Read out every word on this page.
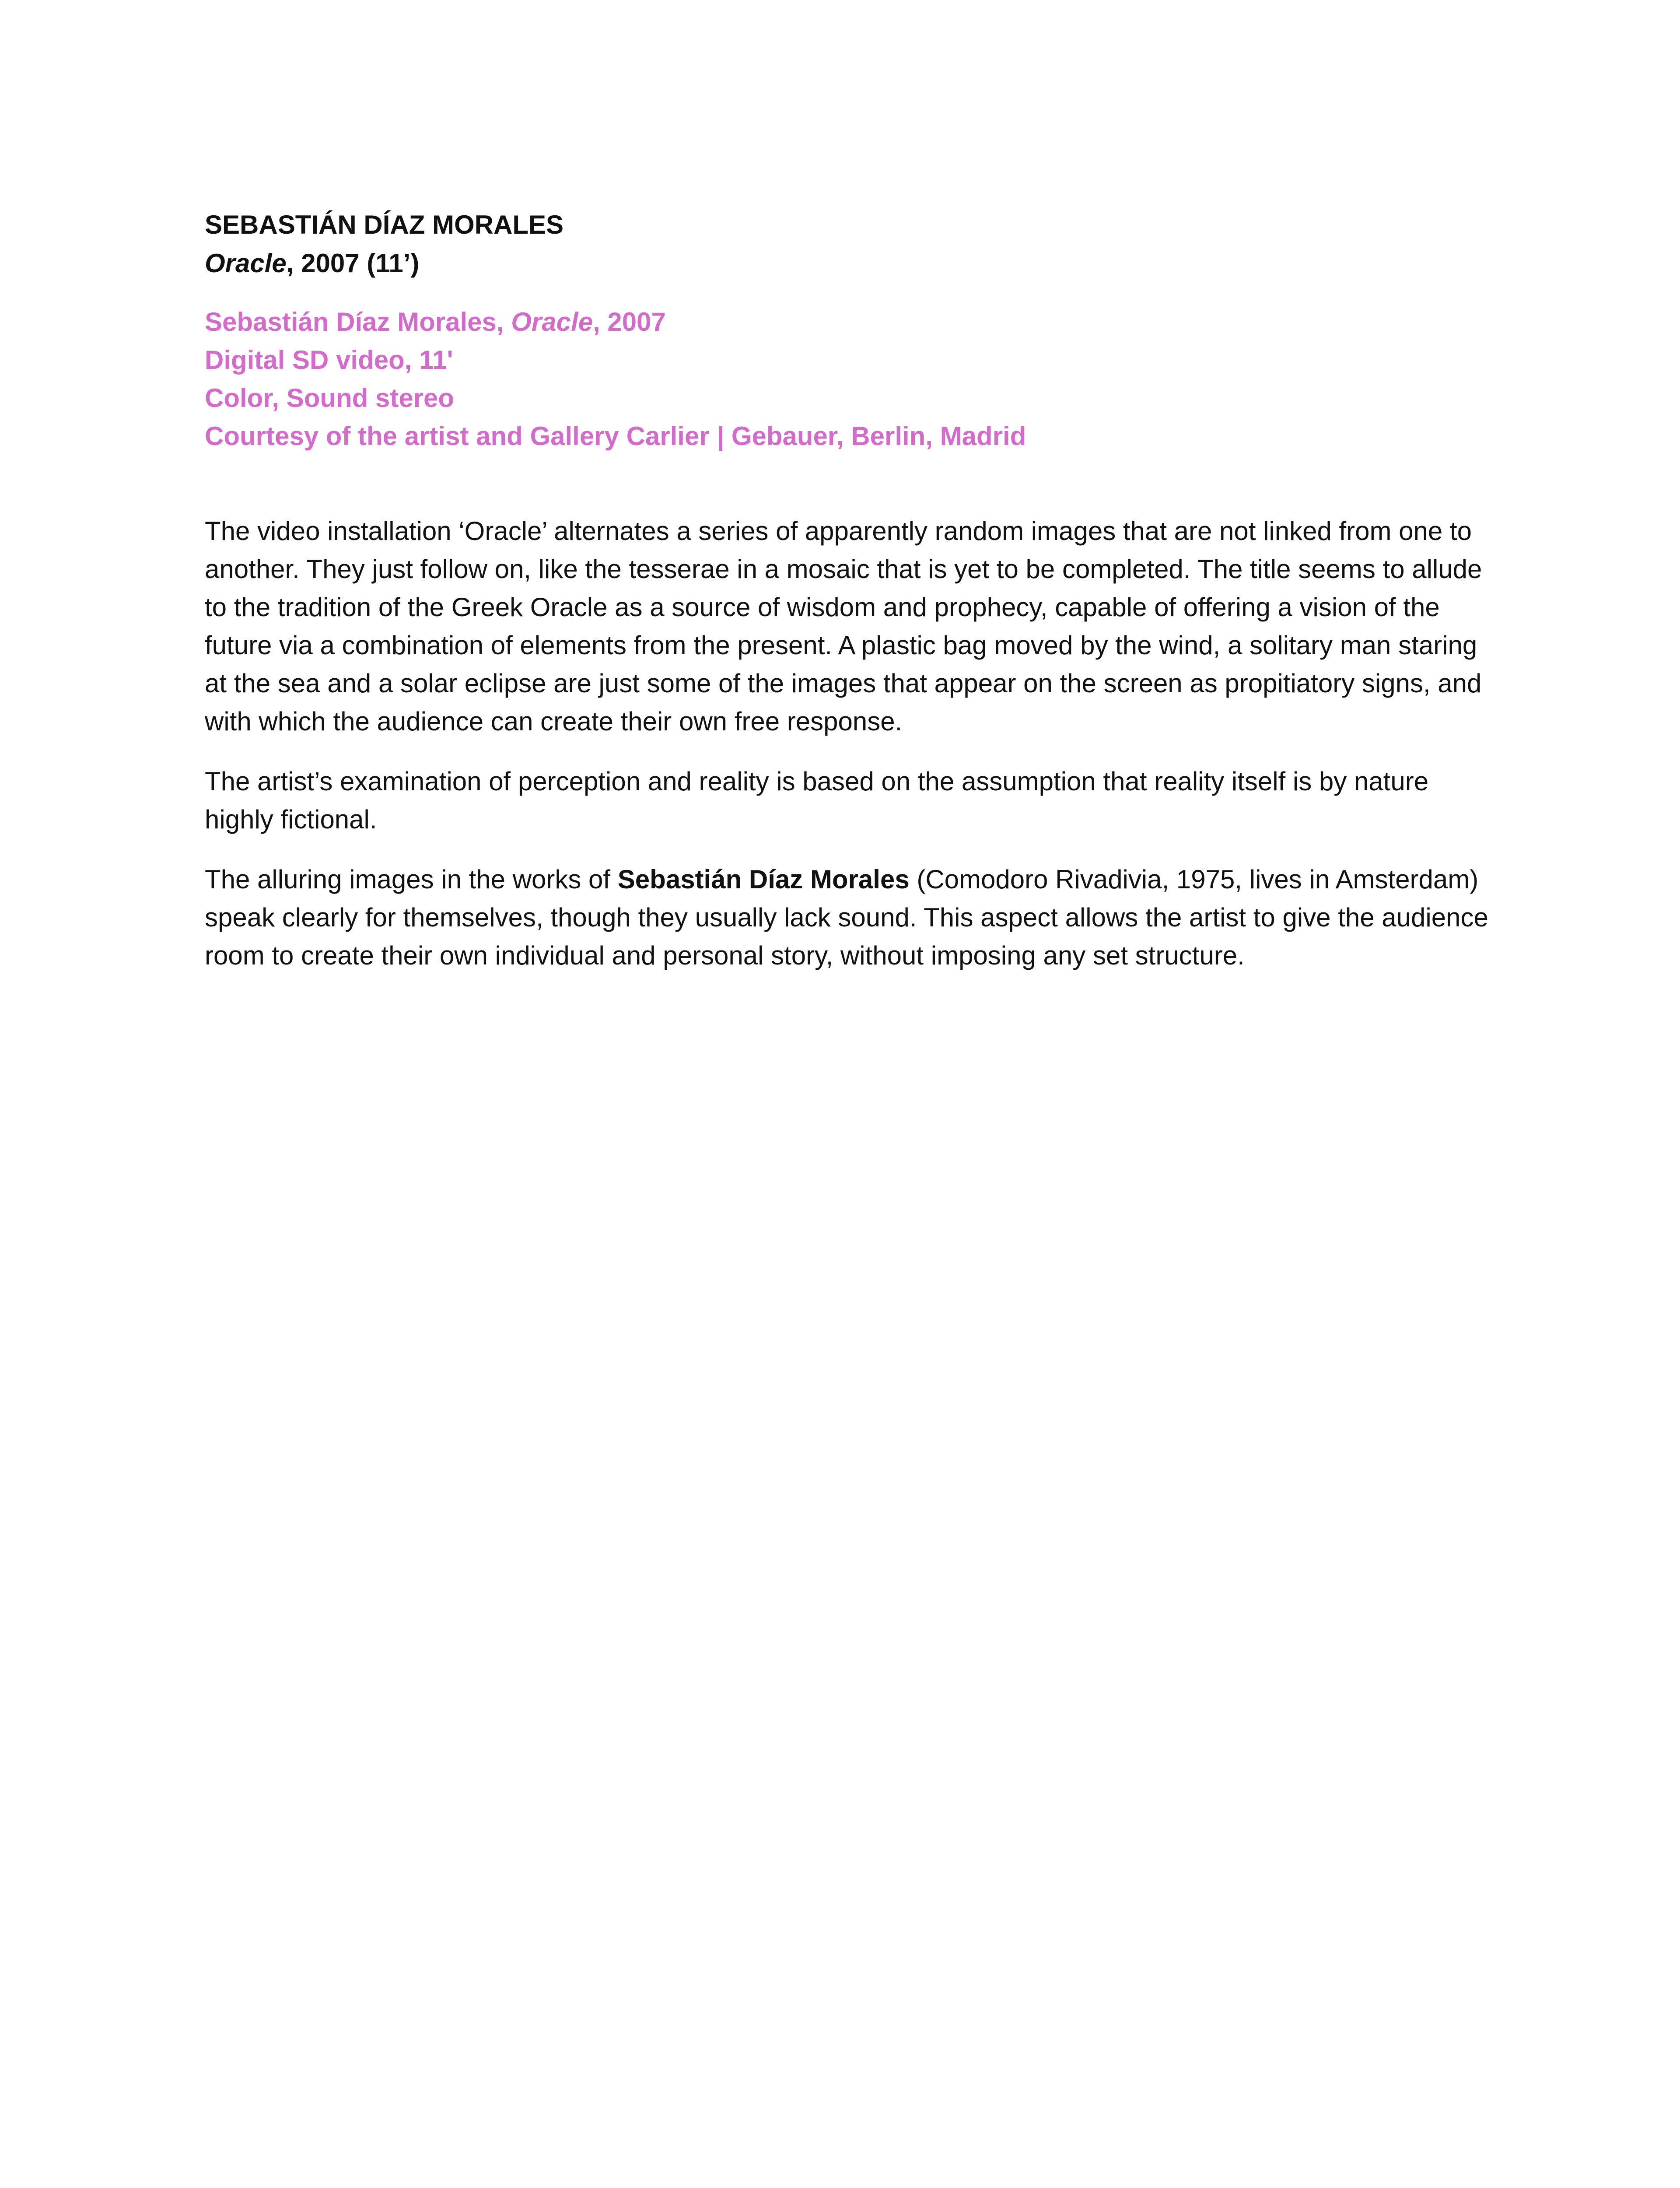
SEBASTIÁN DÍAZ MORALES
Oracle, 2007 (11’)
Sebastián Díaz Morales, Oracle, 2007
Digital SD video, 11'
Color, Sound stereo
Courtesy of the artist and Gallery Carlier | Gebauer, Berlin, Madrid

The video installation ‘Oracle’ alternates a series of apparently random images that are not linked from one to another. They just follow on, like the tesserae in a mosaic that is yet to be completed. The title seems to allude to the tradition of the Greek Oracle as a source of wisdom and prophecy, capable of offering a vision of the future via a combination of elements from the present. A plastic bag moved by the wind, a solitary man staring at the sea and a solar eclipse are just some of the images that appear on the screen as propitiatory signs, and with which the audience can create their own free response.

The artist’s examination of perception and reality is based on the assumption that reality itself is by nature highly fictional.

The alluring images in the works of Sebastián Díaz Morales (Comodoro Rivadivia, 1975, lives in Amsterdam) speak clearly for themselves, though they usually lack sound. This aspect allows the artist to give the audience room to create their own individual and personal story, without imposing any set structure.
